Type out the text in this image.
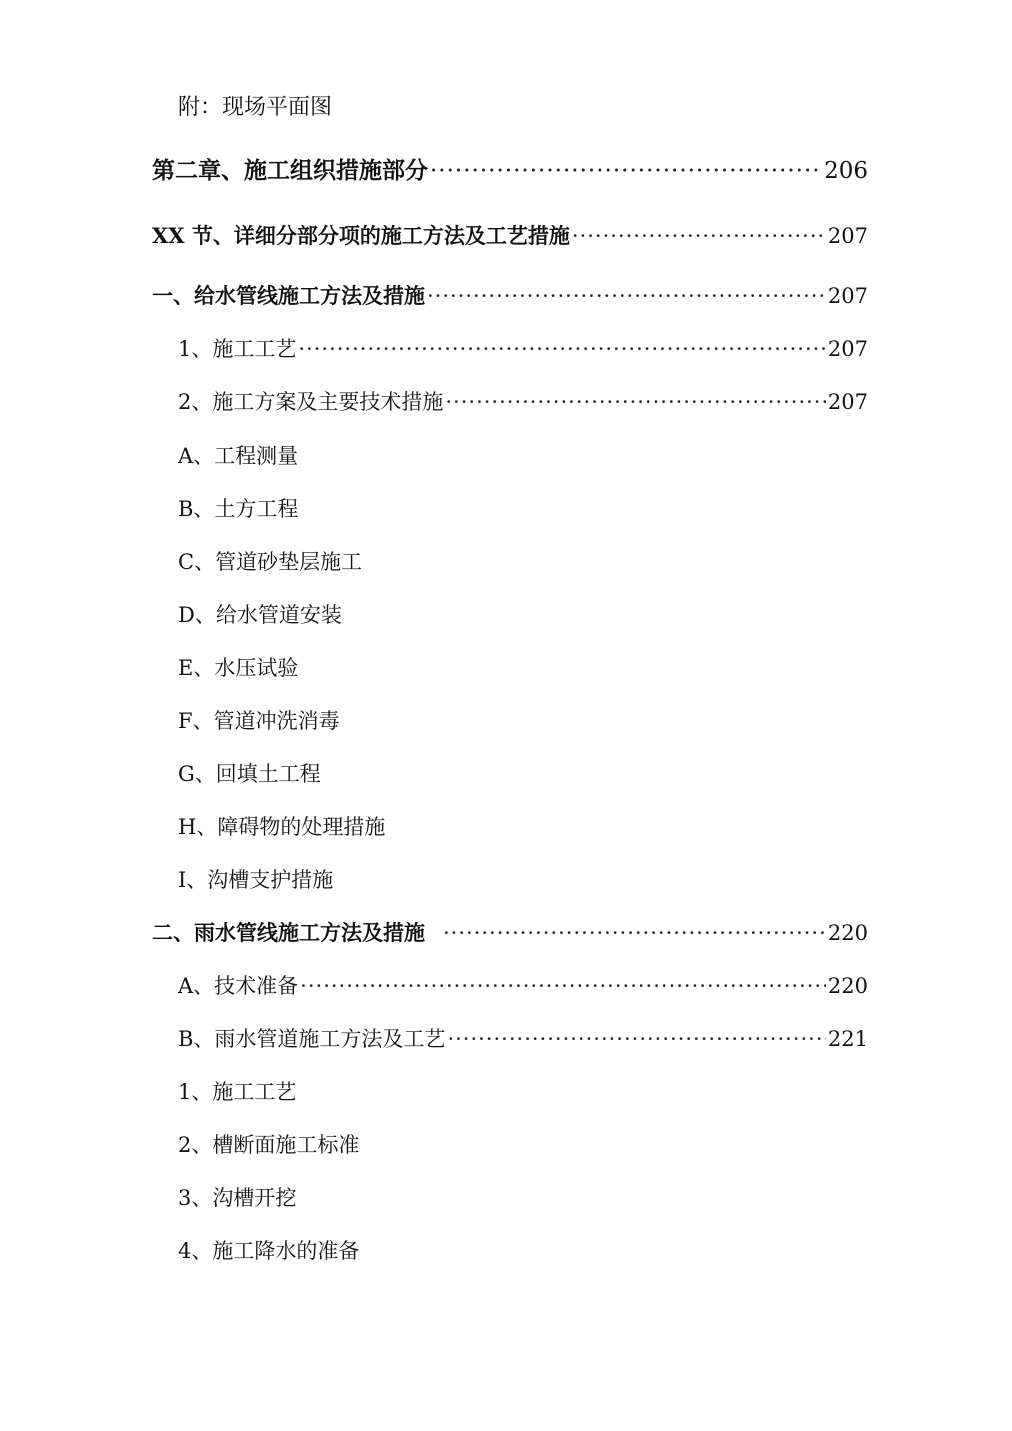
附：现场平面图
第二章、施工组织措施部分 ·····	206
XX 节、详细分部分项的施工方法及工艺措施 ·····	207
一、给水管线施工方法及措施 ·····	207
1、施工工艺 ·····	207
2、施工方案及主要技术措施 ·····	207
A、工程测量
B、土方工程
C、管道砂垫层施工
D、给水管道安装
E、水压试验
F、管道冲洗消毒
G、回填土工程
H、障碍物的处理措施
I、沟槽支护措施
二、雨水管线施工方法及措施 ·····	220
A、技术准备 ·····	220
B、雨水管道施工方法及工艺 ·····	221
1、施工工艺
2、槽断面施工标准
3、沟槽开挖
4、施工降水的准备
